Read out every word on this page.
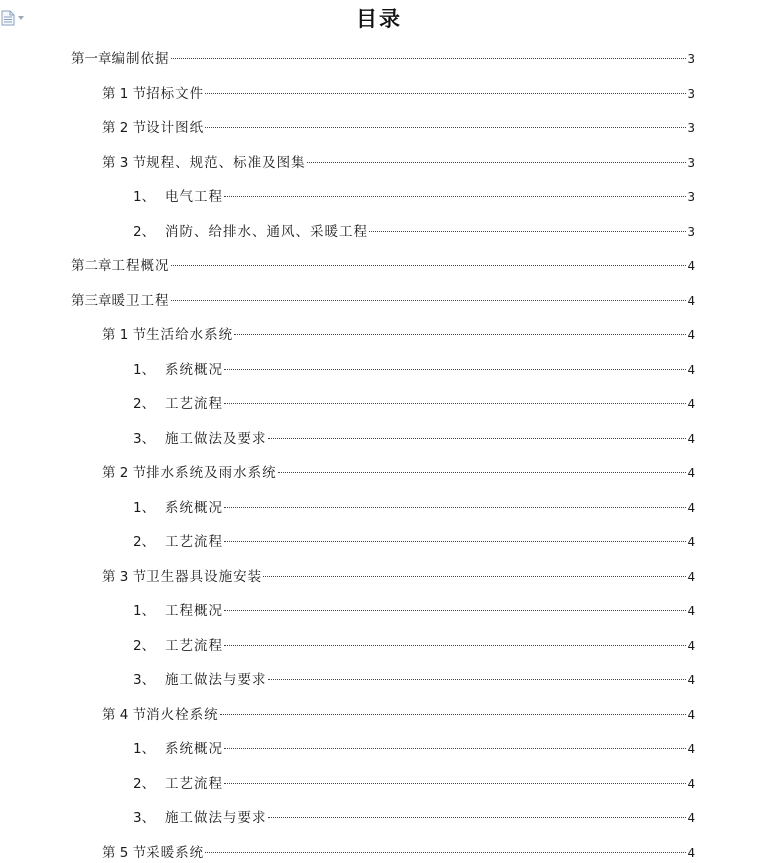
目录
第一章 编制依据	3
第 1 节 招标文件	3
第 2 节 设计图纸	3
第 3 节 规程、规范、标准及图集	3
1、 电气工程	3
2、 消防、给排水、通风、采暖工程	3
第二章 工程概况	4
第三章 暖卫工程	4
第 1 节 生活给水系统	4
1、 系统概况	4
2、 工艺流程	4
3、 施工做法及要求	4
第 2 节 排水系统及雨水系统	4
1、 系统概况	4
2、 工艺流程	4
第 3 节 卫生器具设施安装	4
1、 工程概况	4
2、 工艺流程	4
3、 施工做法与要求	4
第 4 节 消火栓系统	4
1、 系统概况	4
2、 工艺流程	4
3、 施工做法与要求	4
第 5 节 采暖系统	4
